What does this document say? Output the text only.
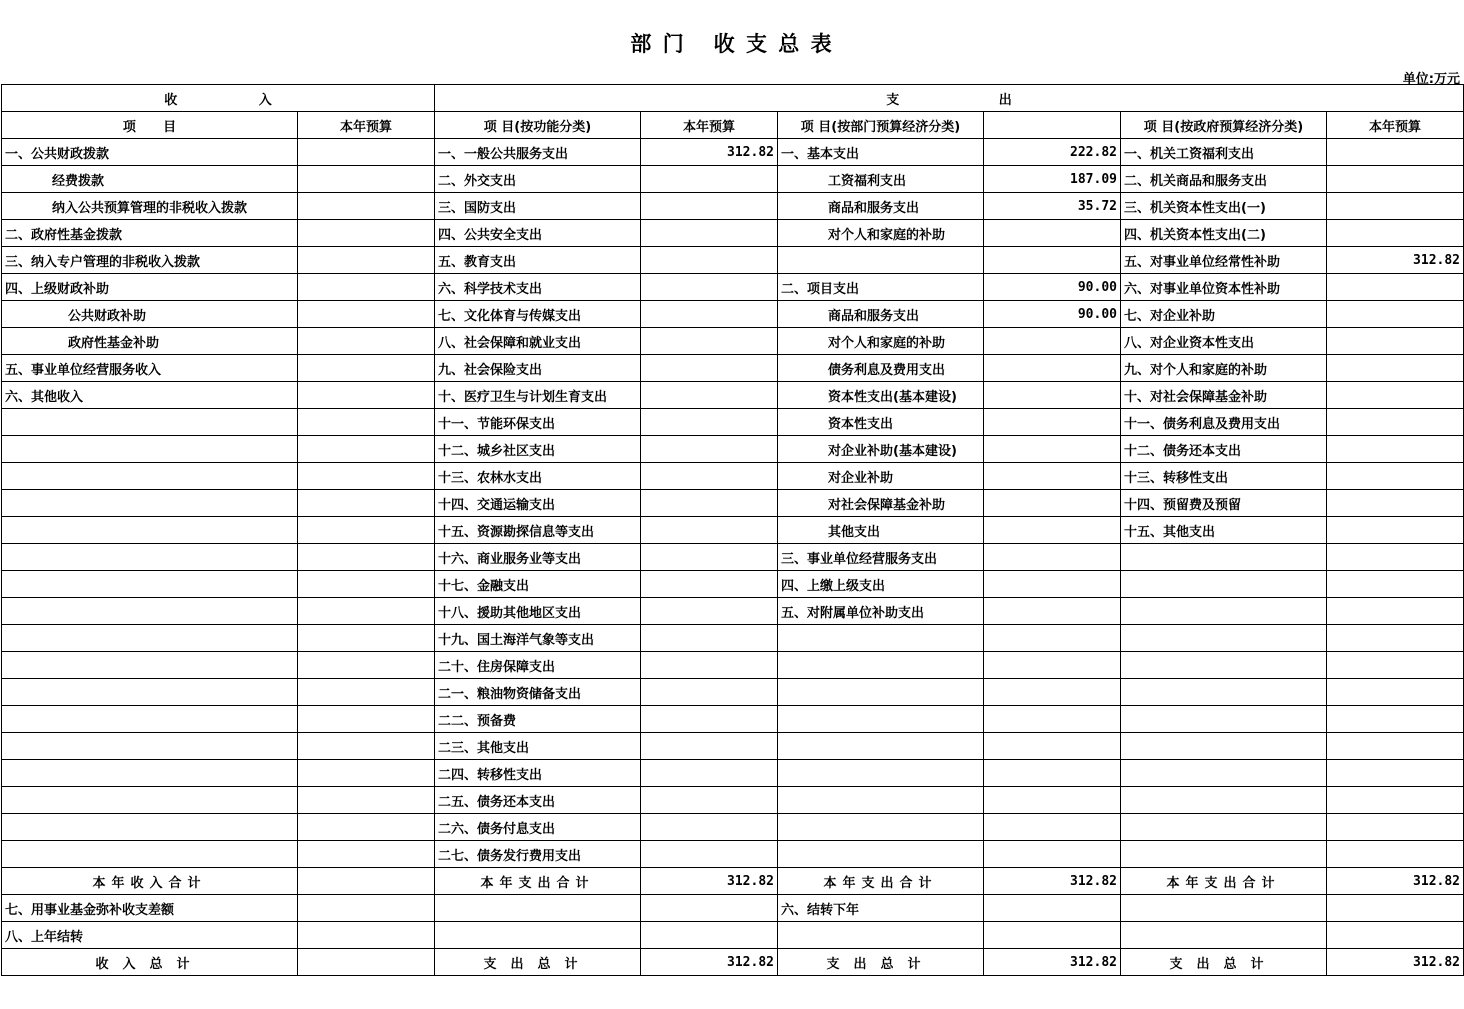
部 门   收 支 总 表
单位:万元
收                  入		支                      出					
项      目	本年预算	项 目(按功能分类)	本年预算	项 目(按部门预算经济分类)		项 目(按政府预算经济分类)	本年预算
一、公共财政拨款		一、一般公共服务支出	312.82	一、基本支出	222.82	一、机关工资福利支出	
经费拨款		二、外交支出		工资福利支出	187.09	二、机关商品和服务支出	
纳入公共预算管理的非税收入拨款		三、国防支出		商品和服务支出	35.72	三、机关资本性支出(一)	
二、政府性基金拨款		四、公共安全支出		对个人和家庭的补助		四、机关资本性支出(二)	
三、纳入专户管理的非税收入拨款		五、教育支出				五、对事业单位经常性补助	312.82
四、上级财政补助		六、科学技术支出		二、项目支出	90.00	六、对事业单位资本性补助	
公共财政补助		七、文化体育与传媒支出		商品和服务支出	90.00	七、对企业补助	
政府性基金补助		八、社会保障和就业支出		对个人和家庭的补助		八、对企业资本性支出	
五、事业单位经营服务收入		九、社会保险支出		债务利息及费用支出		九、对个人和家庭的补助	
六、其他收入		十、医疗卫生与计划生育支出		资本性支出(基本建设)		十、对社会保障基金补助	
		十一、节能环保支出		资本性支出		十一、债务利息及费用支出	
		十二、城乡社区支出		对企业补助(基本建设)		十二、债务还本支出	
		十三、农林水支出		对企业补助		十三、转移性支出	
		十四、交通运输支出		对社会保障基金补助		十四、预留费及预留	
		十五、资源勘探信息等支出		其他支出		十五、其他支出	
		十六、商业服务业等支出		三、事业单位经营服务支出			
		十七、金融支出		四、上缴上级支出			
		十八、援助其他地区支出		五、对附属单位补助支出			
		十九、国土海洋气象等支出					
		二十、住房保障支出					
		二一、粮油物资储备支出					
		二二、预备费					
		二三、其他支出					
		二四、转移性支出					
		二五、债务还本支出					
		二六、债务付息支出					
		二七、债务发行费用支出					
本年收入合计		本年支出合计	312.82	本年支出合计	312.82	本年支出合计	312.82
七、用事业基金弥补收支差额				六、结转下年			
八、上年结转							
收入总计		支出总计	312.82	支出总计	312.82	支出总计	312.82
